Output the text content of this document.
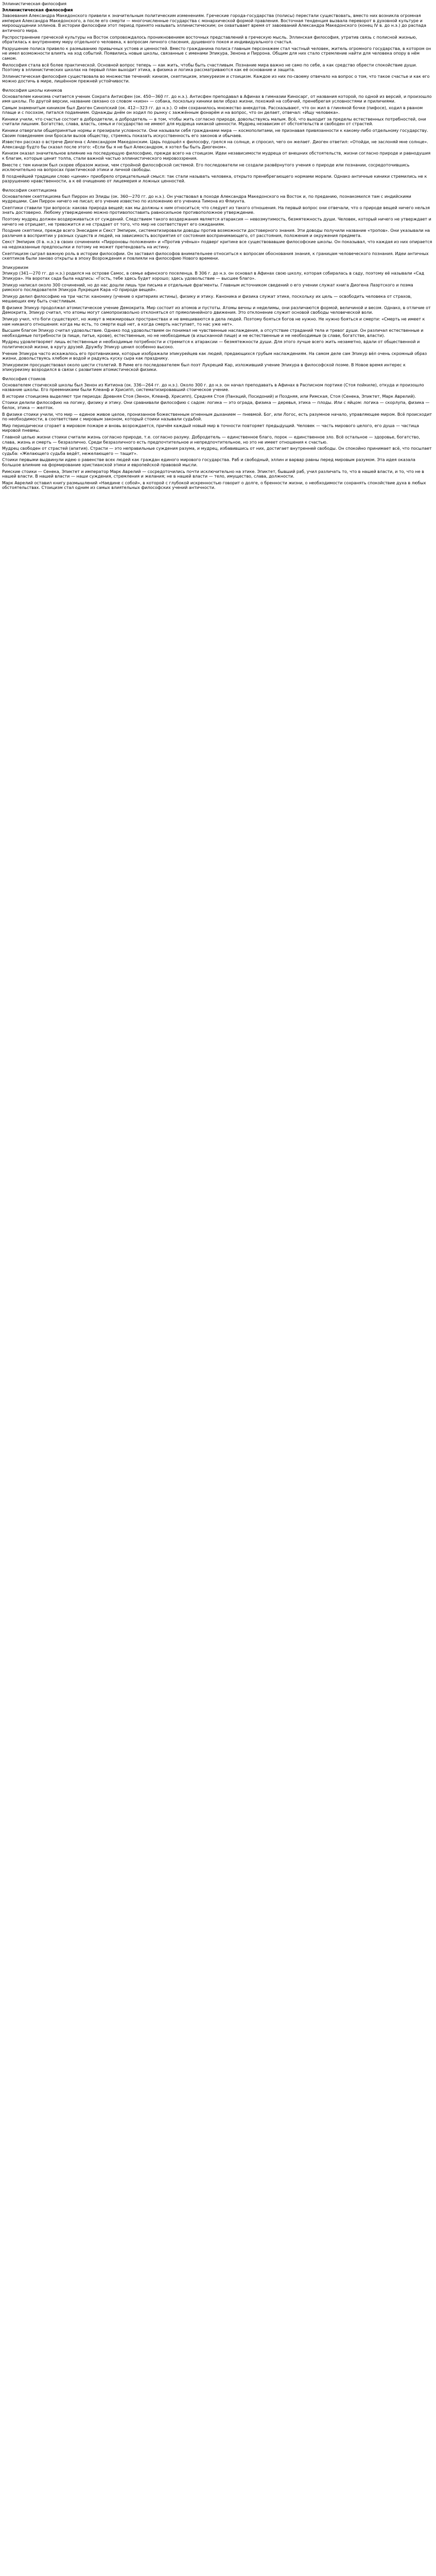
Эллинистическая философия
Эллинистическая философия

Завоевания Александра Македонского привели к значительным политическим изменениям. Греческие города-государства (полисы) перестали существовать, вместо них возникла огромная империя Александра Македонского, а после его смерти — многочисленные государства с монархической формой правления. Восточная тенденция вызвала переворот в духовной культуре и мироощущении эллинов. В истории философии этот период принято называть эллинистическим; он охватывает время от завоеваний Александра Македонского (конец IV в. до н.э.) до распада античного мира.

Распространение греческой культуры на Восток сопровождалось проникновением восточных представлений в греческую мысль. Эллинская философия, утратив связь с полисной жизнью, обратилась к внутреннему миру отдельного человека, к вопросам личного спасения, душевного покоя и индивидуального счастья.

Разрушение полиса привело к размыванию привычных устоев и ценностей. Вместо гражданина полиса главным персонажем стал частный человек, житель огромного государства, в котором он не имел возможности влиять на ход событий. Появились новые школы, связанные с именами Эпикура, Зенона и Пиррона. Общим для них стало стремление найти для человека опору в нём самом.

Философия стала всё более практической. Основной вопрос теперь — как жить, чтобы быть счастливым. Познание мира важно не само по себе, а как средство обрести спокойствие души. Поэтому в эллинистических школах на первый план выходит этика, а физика и логика рассматриваются как её основание и защита.

Эллинистическая философия существовала во множестве течений: кинизм, скептицизм, эпикуреизм и стоицизм. Каждое из них по-своему отвечало на вопрос о том, что такое счастье и как его можно достичь в мире, лишённом прежней устойчивости.

Философия школы киников

Основателем кинизма считается ученик Сократа Антисфен (ок. 450—360 гг. до н.э.). Антисфен преподавал в Афинах в гимназии Киносарг, от названия которой, по одной из версий, и произошло имя школы. По другой версии, название связано со словом «кион» — собака, поскольку киники вели образ жизни, похожий на собачий, пренебрегая условностями и приличиями.

Самым знаменитым киником был Диоген Синопский (ок. 412—323 гг. до н.э.). О нём сохранилось множество анекдотов. Рассказывают, что он жил в глиняной бочке (пифосе), ходил в рваном плаще и с посохом, питался подаянием. Однажды днём он ходил по рынку с зажжённым фонарём и на вопрос, что он делает, отвечал: «Ищу человека».

Киники учили, что счастье состоит в добродетели, а добродетель — в том, чтобы жить согласно природе, довольствуясь малым. Всё, что выходит за пределы естественных потребностей, они считали лишним. Богатство, слава, власть, семья и государство не имеют для мудреца никакой ценности. Мудрец независим от обстоятельств и свободен от страстей.

Киники отвергали общепринятые нормы и презирали условности. Они называли себя гражданами мира — космополитами, не признавая привязанности к какому-либо отдельному государству. Своим поведением они бросали вызов обществу, стремясь показать искусственность его законов и обычаев.

Известен рассказ о встрече Диогена с Александром Македонским. Царь подошёл к философу, грелся на солнце, и спросил, чего он желает. Диоген ответил: «Отойди, не заслоняй мне солнце». Александр будто бы сказал после этого: «Если бы я не был Александром, я хотел бы быть Диогеном».

Кинизм оказал значительное влияние на последующую философию, прежде всего на стоицизм. Идеи независимости мудреца от внешних обстоятельств, жизни согласно природе и равнодушия к благам, которые ценит толпа, стали важной частью эллинистического мировоззрения.

Вместе с тем кинизм был скорее образом жизни, чем стройной философской системой. Его последователи не создали развёрнутого учения о природе или познании, сосредоточившись исключительно на вопросах практической этики и личной свободы.

В позднейшей традиции слово «циник» приобрело отрицательный смысл: так стали называть человека, открыто пренебрегающего нормами морали. Однако античные киники стремились не к разрушению нравственности, а к её очищению от лицемерия и ложных ценностей.

Философия скептицизма

Основателем скептицизма был Пиррон из Элиды (ок. 360—270 гг. до н.э.). Он участвовал в походе Александра Македонского на Восток и, по преданию, познакомился там с индийскими мудрецами. Сам Пиррон ничего не писал; его учение известно по изложению его ученика Тимона из Флиунта.

Скептики ставили три вопроса: какова природа вещей; как мы должны к ним относиться; что следует из такого отношения. На первый вопрос они отвечали, что о природе вещей ничего нельзя знать достоверно. Любому утверждению можно противопоставить равносильное противоположное утверждение.

Поэтому мудрец должен воздерживаться от суждений. Следствием такого воздержания является атараксия — невозмутимость, безмятежность души. Человек, который ничего не утверждает и ничего не отрицает, не тревожится и не страдает от того, что мир не соответствует его ожиданиям.

Поздние скептики, прежде всего Энесидем и Секст Эмпирик, систематизировали доводы против возможности достоверного знания. Эти доводы получили название «тропов». Они указывали на различия в восприятии у разных существ и людей, на зависимость восприятия от состояния воспринимающего, от расстояния, положения и окружения предмета.

Секст Эмпирик (II в. н.э.) в своих сочинениях «Пирроновы положения» и «Против учёных» подверг критике все существовавшие философские школы. Он показывал, что каждая из них опирается на недоказанные предпосылки и потому не может претендовать на истину.

Скептицизм сыграл важную роль в истории философии. Он заставил философов внимательнее относиться к вопросам обоснования знания, к границам человеческого познания. Идеи античных скептиков были заново открыты в эпоху Возрождения и повлияли на философию Нового времени.

Эпикуреизм

Эпикур (341—270 гг. до н.э.) родился на острове Самос, в семье афинского поселенца. В 306 г. до н.э. он основал в Афинах свою школу, которая собиралась в саду, поэтому её называли «Сад Эпикура». На воротах сада была надпись: «Гость, тебе здесь будет хорошо; здесь удовольствие — высшее благо».

Эпикур написал около 300 сочинений, но до нас дошли лишь три письма и отдельные фрагменты. Главным источником сведений о его учении служат книга Диогена Лаэртского и поэма римского последователя Эпикура Лукреция Кара «О природе вещей».

Эпикур делил философию на три части: канонику (учение о критериях истины), физику и этику. Каноника и физика служат этике, поскольку их цель — освободить человека от страхов, мешающих ему быть счастливым.

В физике Эпикур продолжал атомистическое учение Демокрита. Мир состоит из атомов и пустоты. Атомы вечны и неделимы, они различаются формой, величиной и весом. Однако, в отличие от Демокрита, Эпикур считал, что атомы могут самопроизвольно отклоняться от прямолинейного движения. Это отклонение служит основой свободы человеческой воли.

Эпикур учил, что боги существуют, но живут в межмировых пространствах и не вмешиваются в дела людей. Поэтому бояться богов не нужно. Не нужно бояться и смерти: «Смерть не имеет к нам никакого отношения: когда мы есть, то смерти ещё нет, а когда смерть наступает, то нас уже нет».

Высшим благом Эпикур считал удовольствие. Однако под удовольствием он понимал не чувственные наслаждения, а отсутствие страданий тела и тревог души. Он различал естественные и необходимые потребности (в пище, питье, крове), естественные, но не необходимые (в изысканной пище) и не естественные и не необходимые (в славе, богатстве, власти).

Мудрец удовлетворяет лишь естественные и необходимые потребности и стремится к атараксии — безмятежности души. Для этого лучше всего жить незаметно, вдали от общественной и политической жизни, в кругу друзей. Дружбу Эпикур ценил особенно высоко.

Учение Эпикура часто искажалось его противниками, которые изображали эпикурейцев как людей, предающихся грубым наслаждениям. На самом деле сам Эпикур вёл очень скромный образ жизни, довольствуясь хлебом и водой и радуясь куску сыра как празднику.

Эпикуреизм просуществовал около шести столетий. В Риме его последователем был поэт Лукреций Кар, изложивший учение Эпикура в философской поэме. В Новое время интерес к эпикуреизму возродился в связи с развитием атомистической физики.

Философия стоиков

Основателем стоической школы был Зенон из Китиона (ок. 336—264 гг. до н.э.). Около 300 г. до н.э. он начал преподавать в Афинах в Расписном портике (Стоя пойкиле), откуда и произошло название школы. Его преемниками были Клеанф и Хрисипп, систематизировавший стоическое учение.

В истории стоицизма выделяют три периода: Древняя Стоя (Зенон, Клеанф, Хрисипп), Средняя Стоя (Панэций, Посидоний) и Поздняя, или Римская, Стоя (Сенека, Эпиктет, Марк Аврелий).

Стоики делили философию на логику, физику и этику. Они сравнивали философию с садом: логика — это ограда, физика — деревья, этика — плоды. Или с яйцом: логика — скорлупа, физика — белок, этика — желток.

В физике стоики учили, что мир — единое живое целое, пронизанное божественным огненным дыханием — пневмой. Бог, или Логос, есть разумное начало, управляющее миром. Всё происходит по необходимости, в соответствии с мировым законом, который стоики называли судьбой.

Мир периодически сгорает в мировом пожаре и вновь возрождается, причём каждый новый мир в точности повторяет предыдущий. Человек — часть мирового целого, его душа — частица мировой пневмы.

Главной целью жизни стоики считали жизнь согласно природе, т.е. согласно разуму. Добродетель — единственное благо, порок — единственное зло. Всё остальное — здоровье, богатство, слава, жизнь и смерть — безразлично. Среди безразличного есть предпочтительное и непредпочтительное, но это не имеет отношения к счастью.

Мудрец свободен от страстей (апатия). Страсти — это неправильные суждения разума, и мудрец, избавившись от них, достигает внутренней свободы. Он спокойно принимает всё, что посылает судьба: «Желающего судьба ведёт, нежелающего — тащит».

Стоики первыми выдвинули идею о равенстве всех людей как граждан единого мирового государства. Раб и свободный, эллин и варвар равны перед мировым разумом. Эта идея оказала большое влияние на формирование христианской этики и европейской правовой мысли.

Римские стоики — Сенека, Эпиктет и император Марк Аврелий — сосредоточились почти исключительно на этике. Эпиктет, бывший раб, учил различать то, что в нашей власти, и то, что не в нашей власти. В нашей власти — наши суждения, стремления и желания; не в нашей власти — тело, имущество, слава, должности.

Марк Аврелий оставил книгу размышлений «Наедине с собой», в которой с глубокой искренностью говорит о долге, о бренности жизни, о необходимости сохранять спокойствие духа в любых обстоятельствах. Стоицизм стал одним из самых влиятельных философских учений античности.
